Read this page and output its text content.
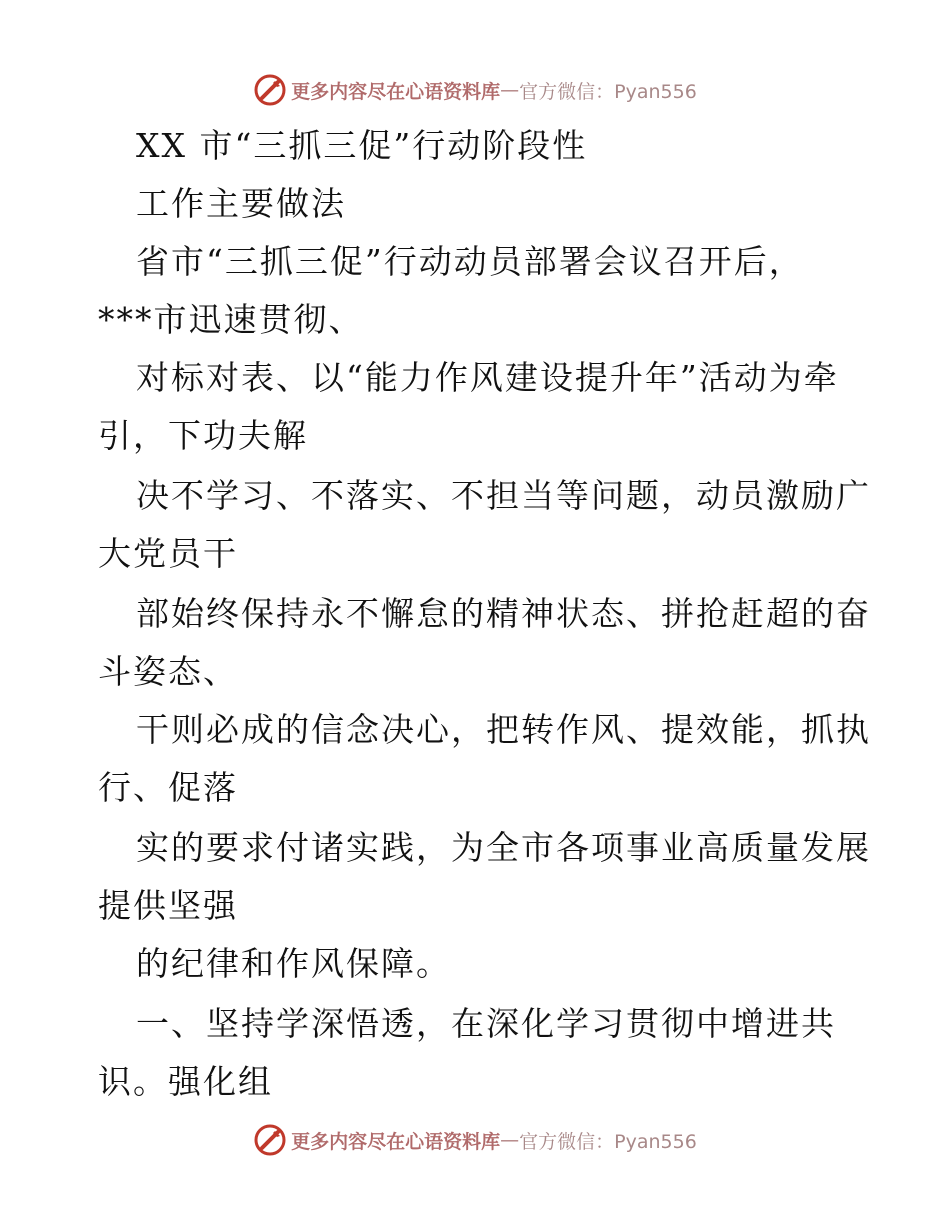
更多内容尽在心语资料库 — 官方微信：Pyan556
XX 市“三抓三促”行动阶段性
工作主要做法
省市“三抓三促”行动动员部署会议召开后，
***市迅速贯彻、
对标对表、以“能力作风建设提升年”活动为牵
引，下功夫解
决不学习、不落实、不担当等问题，动员激励广
大党员干
部始终保持永不懈怠的精神状态、拼抢赶超的奋
斗姿态、
干则必成的信念决心，把转作风、提效能，抓执
行、促落
实的要求付诸实践，为全市各项事业高质量发展
提供坚强
的纪律和作风保障。
一、坚持学深悟透，在深化学习贯彻中增进共
识。强化组
更多内容尽在心语资料库 — 官方微信：Pyan556
